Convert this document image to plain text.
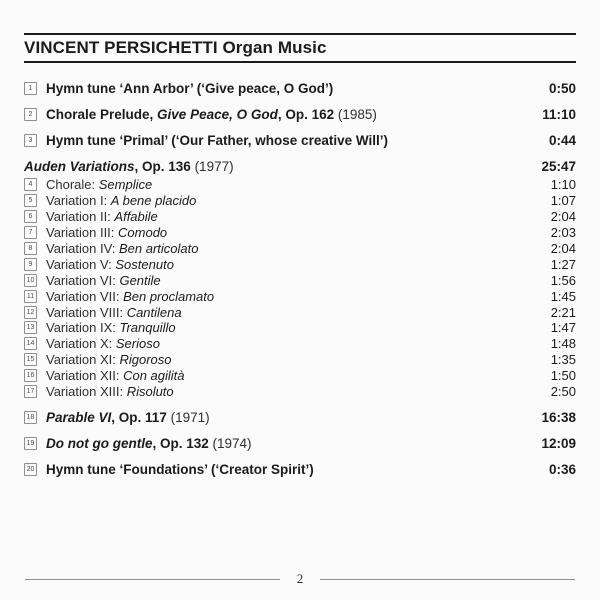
VINCENT PERSICHETTI Organ Music
1	Hymn tune ‘Ann Arbor’ (‘Give peace, O God’)	0:50
2	Chorale Prelude, Give Peace, O God, Op. 162 (1985)	11:10
3	Hymn tune ‘Primal’ (‘Our Father, whose creative Will’)	0:44
Auden Variations, Op. 136 (1977)	25:47
4	Chorale: Semplice	1:10
5	Variation I: A bene placido	1:07
6	Variation II: Affabile	2:04
7	Variation III: Comodo	2:03
8	Variation IV: Ben articolato	2:04
9	Variation V: Sostenuto	1:27
10 Variation VI: Gentile	1:56
11 Variation VII: Ben proclamato	1:45
12 Variation VIII: Cantilena	2:21
13 Variation IX: Tranquillo	1:47
14 Variation X: Serioso	1:48
15 Variation XI: Rigoroso	1:35
16 Variation XII: Con agilità	1:50
17 Variation XIII: Risoluto	2:50
18 Parable VI, Op. 117 (1971)	16:38
19 Do not go gentle, Op. 132 (1974)	12:09
20 Hymn tune ‘Foundations’ (‘Creator Spirit’)	0:36
2
